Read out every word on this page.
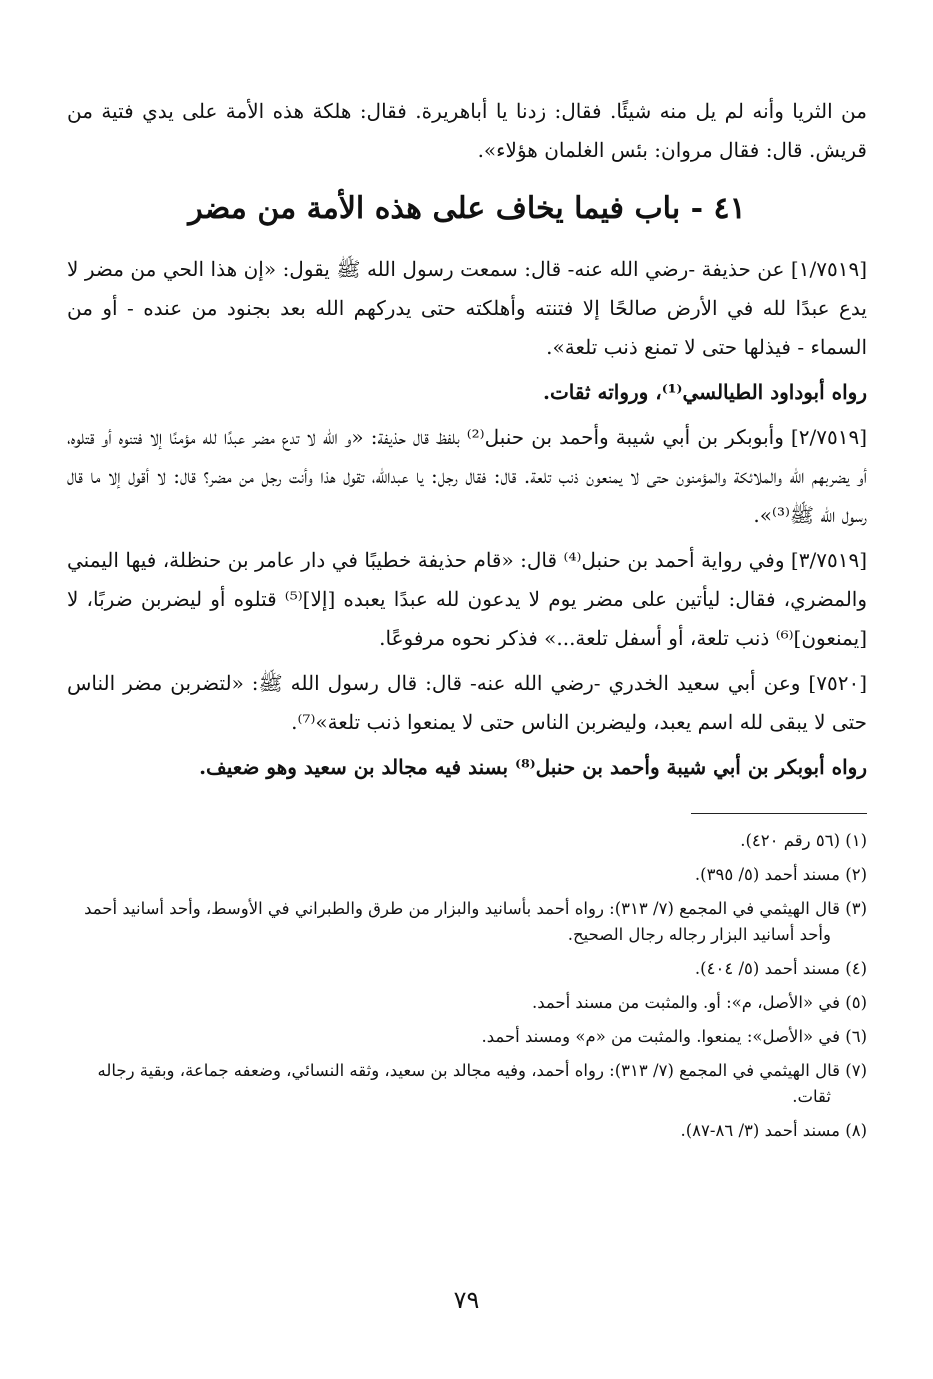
من الثريا وأنه لم يل منه شيئًا. فقال: زدنا يا أباهريرة. فقال: هلكة هذه الأمة على يدي فتية من قريش. قال: فقال مروان: بئس الغلمان هؤلاء».

٤١ - باب فيما يخاف على هذه الأمة من مضر

[١/٧٥١٩] عن حذيفة -رضي الله عنه- قال: سمعت رسول الله ﷺ يقول: «إن هذا الحي من مضر لا يدع عبدًا لله في الأرض صالحًا إلا فتنته وأهلكته حتى يدركهم الله بعد بجنود من عنده - أو من السماء - فيذلها حتى لا تمنع ذنب تلعة».

رواه أبوداود الطيالسي⁽¹⁾، ورواته ثقات.

[٢/٧٥١٩] وأبوبكر بن أبي شيبة وأحمد بن حنبل⁽²⁾ بلفظ قال حذيفة: «و الله لا تدع مضر عبدًا لله مؤمنًا إلا فتنوه أو قتلوه، أو يضربهم الله والملائكة والمؤمنون حتى لا يمنعون ذنب تلعة. قال: فقال رجل: يا عبدالله، تقول هذا وأنت رجل من مضر؟ قال: لا أقول إلا ما قال رسول الله ﷺ⁽³⁾».

[٣/٧٥١٩] وفي رواية أحمد بن حنبل⁽⁴⁾ قال: «قام حذيفة خطيبًا في دار عامر بن حنظلة، فيها اليمني والمضري، فقال: ليأتين على مضر يوم لا يدعون لله عبدًا يعبده [إلا]⁽⁵⁾ قتلوه أو ليضربن ضربًا، لا [يمنعون]⁽⁶⁾ ذنب تلعة، أو أسفل تلعة...» فذكر نحوه مرفوعًا.

[٧٥٢٠] وعن أبي سعيد الخدري -رضي الله عنه- قال: قال رسول الله ﷺ: «لتضربن مضر الناس حتى لا يبقى لله اسم يعبد، وليضربن الناس حتى لا يمنعوا ذنب تلعة»⁽⁷⁾.

رواه أبوبكر بن أبي شيبة وأحمد بن حنبل⁽⁸⁾ بسند فيه مجالد بن سعيد وهو ضعيف.

(١) (٥٦ رقم ٤٢٠).
(٢) مسند أحمد (٥/ ٣٩٥).
(٣) قال الهيثمي في المجمع (٧/ ٣١٣): رواه أحمد بأسانيد والبزار من طرق والطبراني في الأوسط، وأحد أسانيد أحمد وأحد أسانيد البزار رجاله رجال الصحيح.
(٤) مسند أحمد (٥/ ٤٠٤).
(٥) في «الأصل، م»: أو. والمثبت من مسند أحمد.
(٦) في «الأصل»: يمنعوا. والمثبت من «م» ومسند أحمد.
(٧) قال الهيثمي في المجمع (٧/ ٣١٣): رواه أحمد، وفيه مجالد بن سعيد، وثقه النسائي، وضعفه جماعة، وبقية رجاله ثقات.
(٨) مسند أحمد (٣/ ٨٦-٨٧).
٧٩
